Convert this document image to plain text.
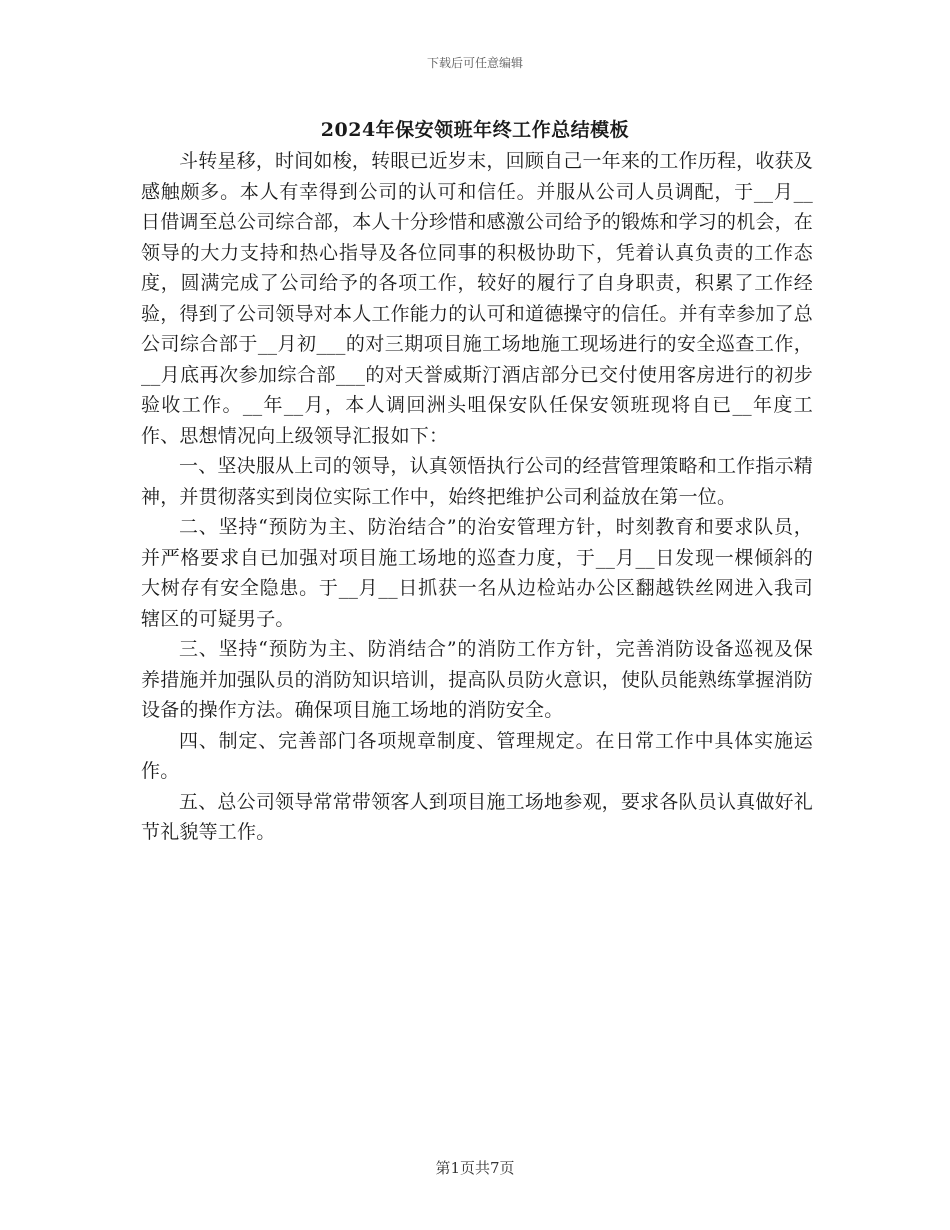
下载后可任意编辑
2024年保安领班年终工作总结模板

斗转星移，时间如梭，转眼已近岁末，回顾自己一年来的工作历程，收获及感触颇多。本人有幸得到公司的认可和信任。并服从公司人员调配，于__月__日借调至总公司综合部，本人十分珍惜和感激公司给予的锻炼和学习的机会，在领导的大力支持和热心指导及各位同事的积极协助下，凭着认真负责的工作态度，圆满完成了公司给予的各项工作，较好的履行了自身职责，积累了工作经验，得到了公司领导对本人工作能力的认可和道德操守的信任。并有幸参加了总公司综合部于__月初___的对三期项目施工场地施工现场进行的安全巡查工作，__月底再次参加综合部___的对天誉威斯汀酒店部分已交付使用客房进行的初步验收工作。__年__月，本人调回洲头咀保安队任保安领班现将自已__年度工作、思想情况向上级领导汇报如下：

一、坚决服从上司的领导，认真领悟执行公司的经营管理策略和工作指示精神，并贯彻落实到岗位实际工作中，始终把维护公司利益放在第一位。

二、坚持“预防为主、防治结合”的治安管理方针，时刻教育和要求队员，并严格要求自已加强对项目施工场地的巡查力度，于__月__日发现一棵倾斜的大树存有安全隐患。于__月__日抓获一名从边检站办公区翻越铁丝网进入我司辖区的可疑男子。

三、坚持“预防为主、防消结合”的消防工作方针，完善消防设备巡视及保养措施并加强队员的消防知识培训，提高队员防火意识，使队员能熟练掌握消防设备的操作方法。确保项目施工场地的消防安全。

四、制定、完善部门各项规章制度、管理规定。在日常工作中具体实施运作。

五、总公司领导常常带领客人到项目施工场地参观，要求各队员认真做好礼节礼貌等工作。

第1页共7页
